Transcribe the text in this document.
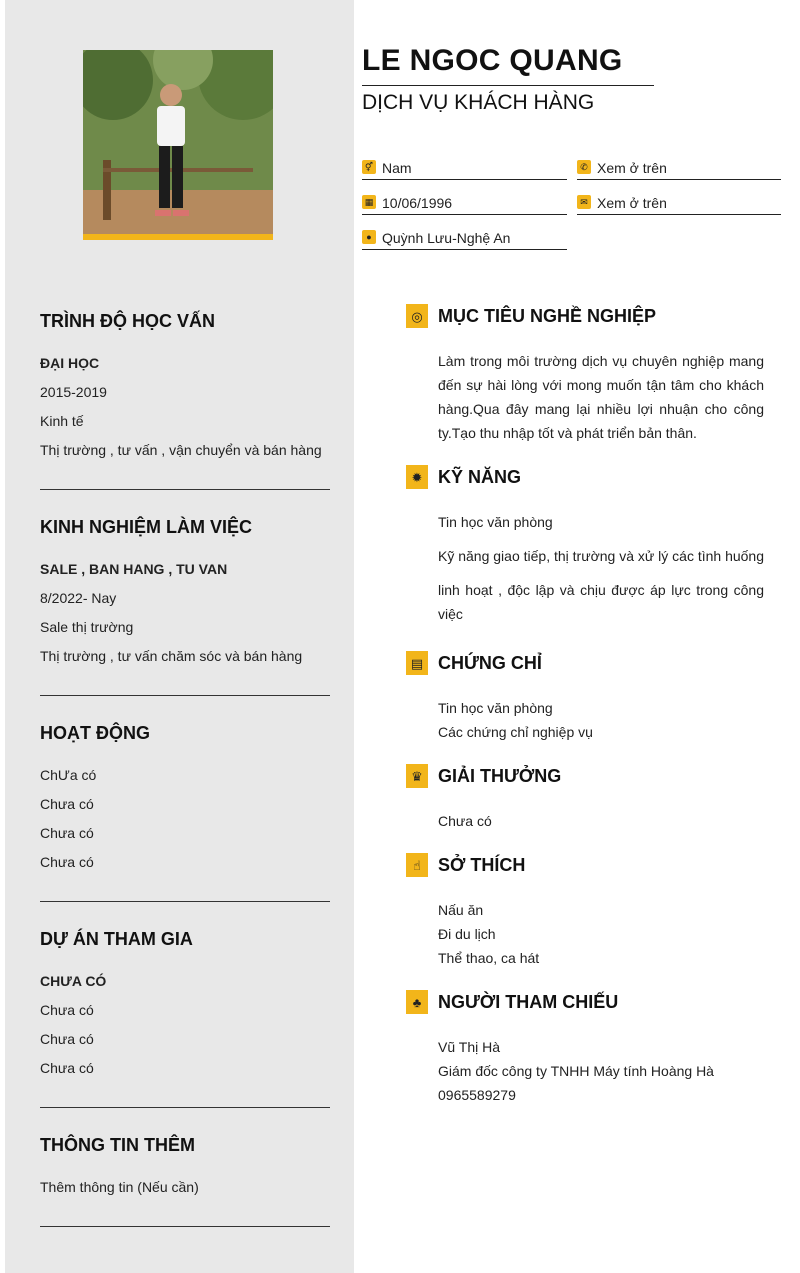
LE NGOC QUANG
DỊCH VỤ KHÁCH HÀNG
⚥ Nam	✆ Xem ở trên
▦ 10/06/1996	✉ Xem ở trên
● Quỳnh Lưu-Nghệ An
TRÌNH ĐỘ HỌC VẤN
ĐẠI HỌC
2015-2019
Kinh tế
Thị trường , tư vấn , vận chuyển và bán hàng
KINH NGHIỆM LÀM VIỆC
SALE , BAN HANG , TU VAN
8/2022- Nay
Sale thị trường
Thị trường , tư vấn chăm sóc và bán hàng
HOẠT ĐỘNG
ChƯa có
Chưa có
Chưa có
Chưa có
DỰ ÁN THAM GIA
CHƯA CÓ
Chưa có
Chưa có
Chưa có
THÔNG TIN THÊM
Thêm thông tin (Nếu cần)
◎ MỤC TIÊU NGHỀ NGHIỆP
Làm trong môi trường dịch vụ chuyên nghiệp mang đến sự hài lòng với mong muốn tận tâm cho khách hàng.Qua đây mang lại nhiều lợi nhuận cho công ty.Tạo thu nhập tốt và phát triển bản thân.
✹ KỸ NĂNG
Tin học văn phòng
Kỹ năng giao tiếp, thị trường và xử lý các tình huống
linh hoạt , độc lập và chịu được áp lực trong công việc
▤ CHỨNG CHỈ
Tin học văn phòng
Các chứng chỉ nghiệp vụ
♛ GIẢI THƯỞNG
Chưa có
☝ SỞ THÍCH
Nấu ăn
Đi du lịch
Thể thao, ca hát
♣ NGƯỜI THAM CHIẾU
Vũ Thị Hà
Giám đốc công ty TNHH Máy tính Hoàng Hà
0965589279
